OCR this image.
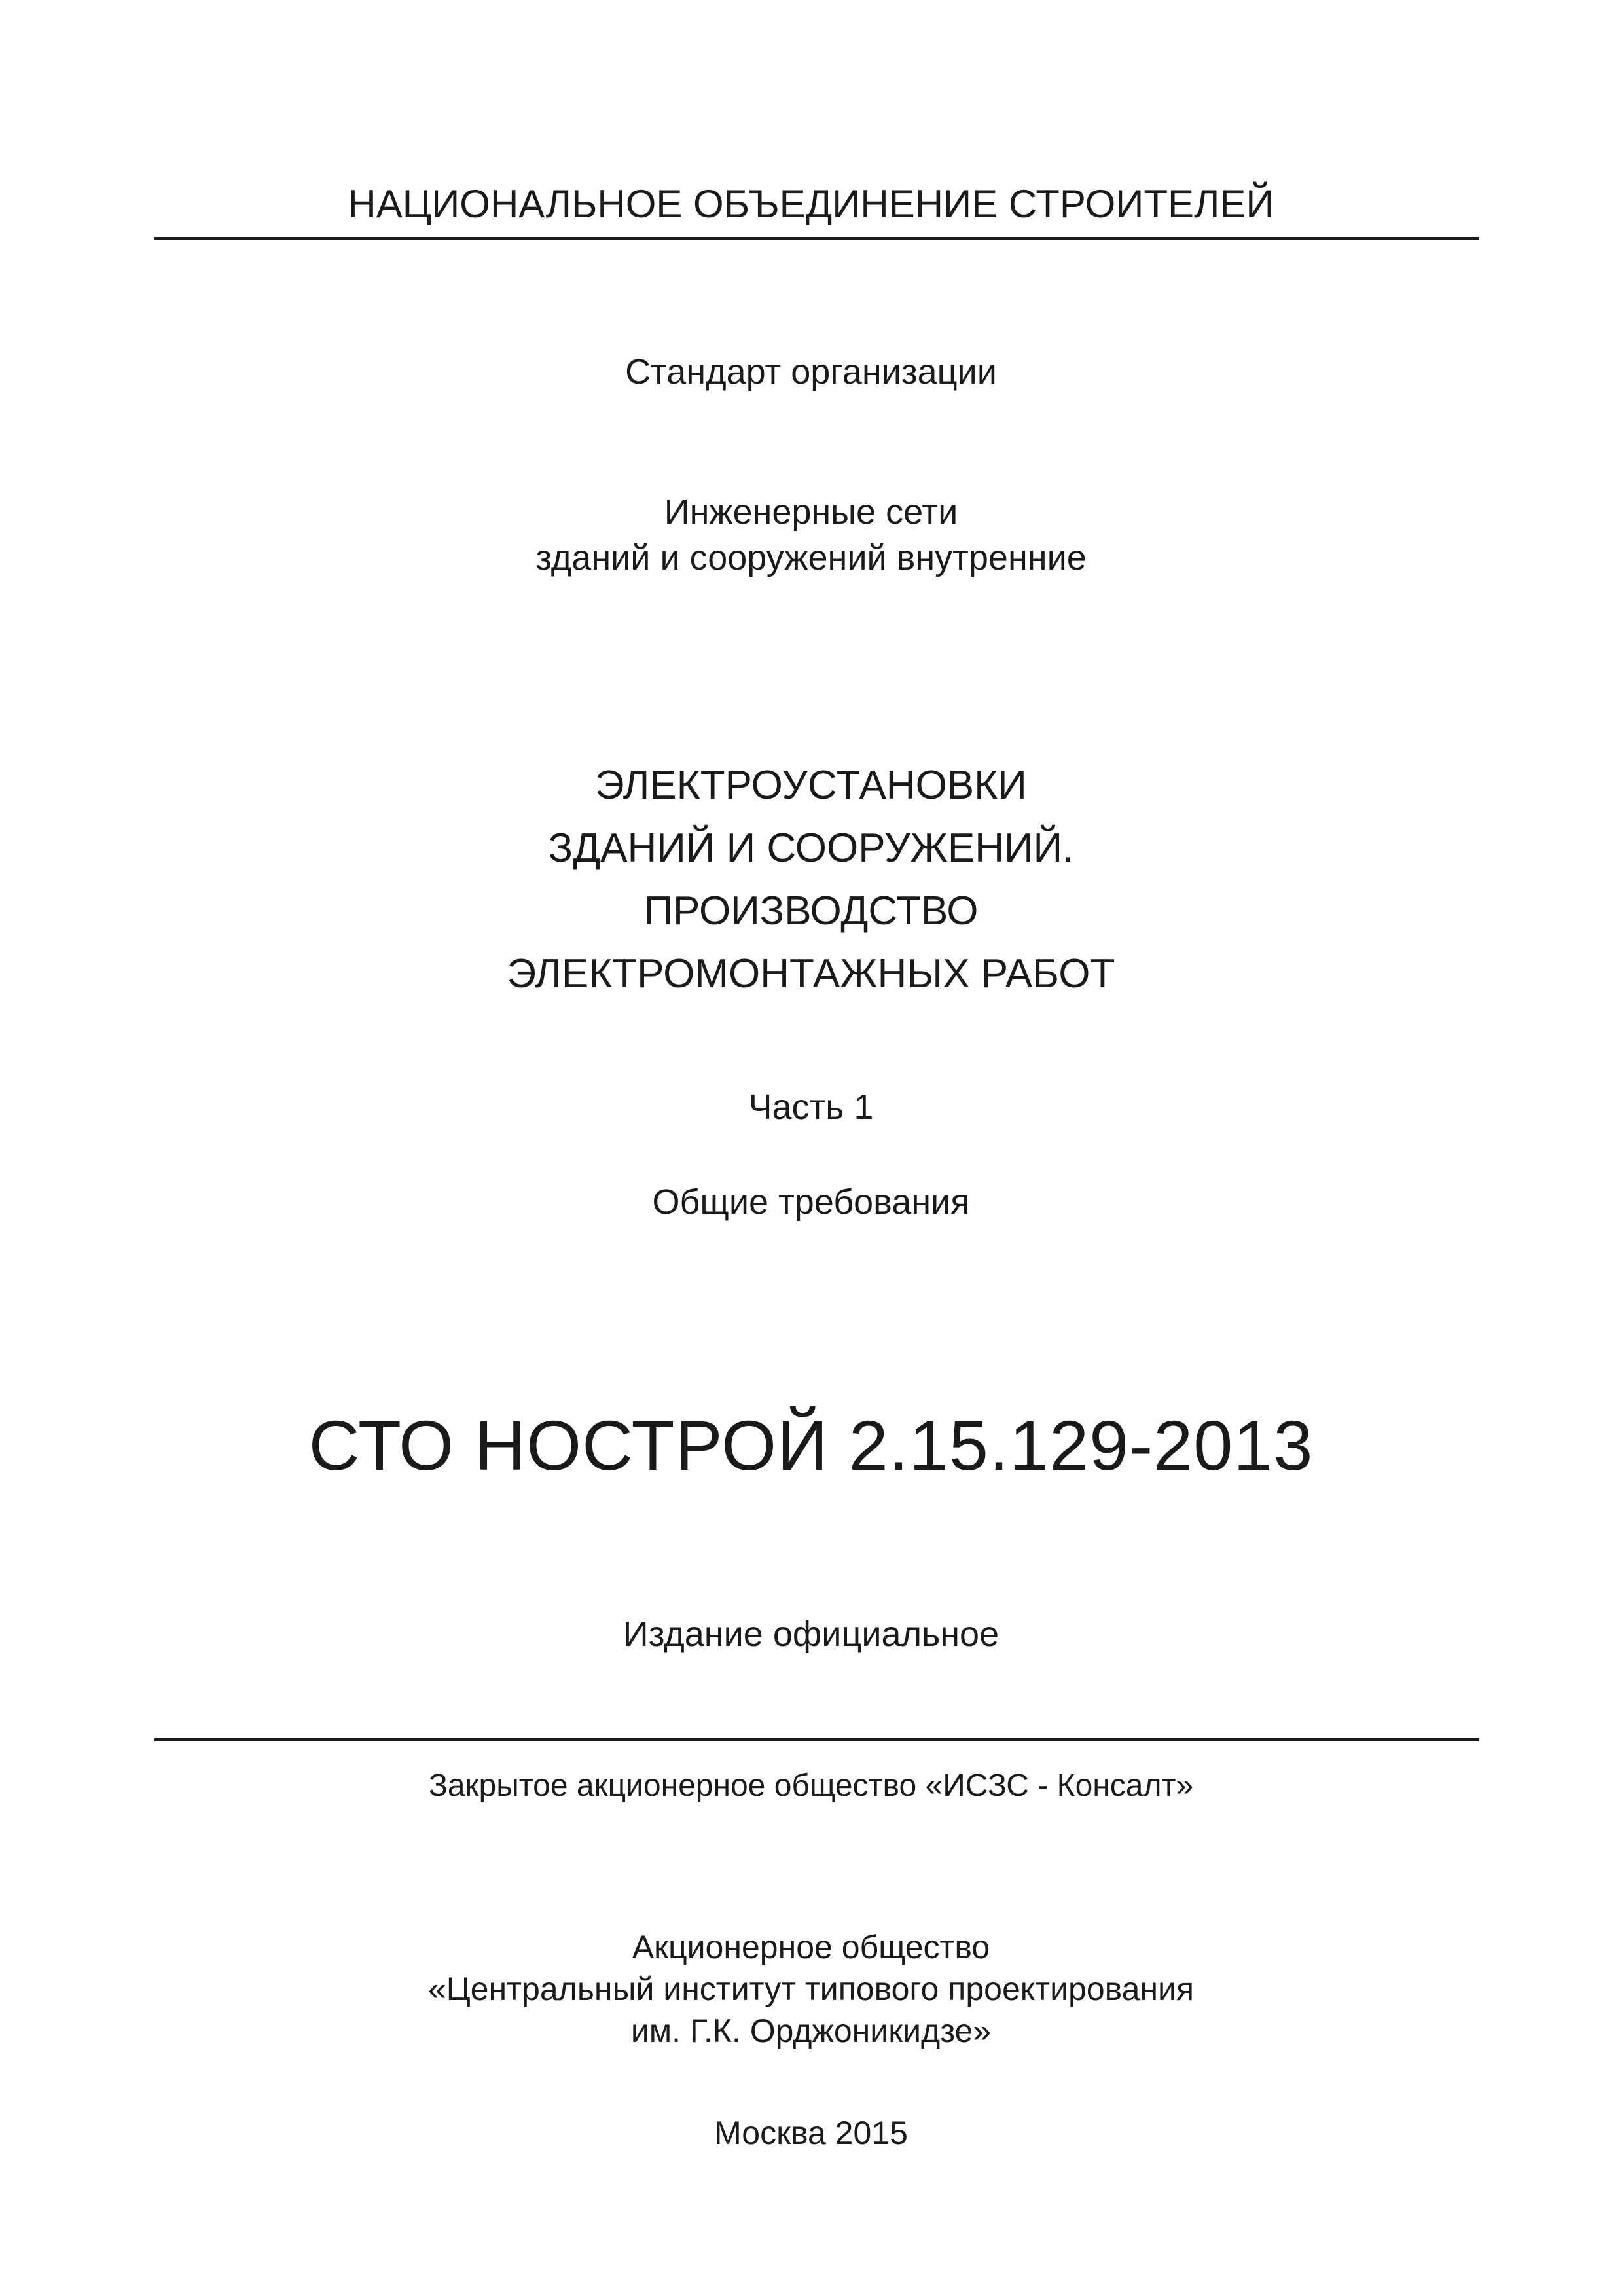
НАЦИОНАЛЬНОЕ ОБЪЕДИНЕНИЕ СТРОИТЕЛЕЙ
Стандарт организации
Инженерные сети
зданий и сооружений внутренние
ЭЛЕКТРОУСТАНОВКИ
ЗДАНИЙ И СООРУЖЕНИЙ.
ПРОИЗВОДСТВО
ЭЛЕКТРОМОНТАЖНЫХ РАБОТ
Часть 1
Общие требования
СТО НОСТРОЙ 2.15.129-2013
Издание официальное
Закрытое акционерное общество «ИСЗС - Консалт»
Акционерное общество
«Центральный институт типового проектирования
им. Г.К. Орджоникидзе»
Москва 2015
